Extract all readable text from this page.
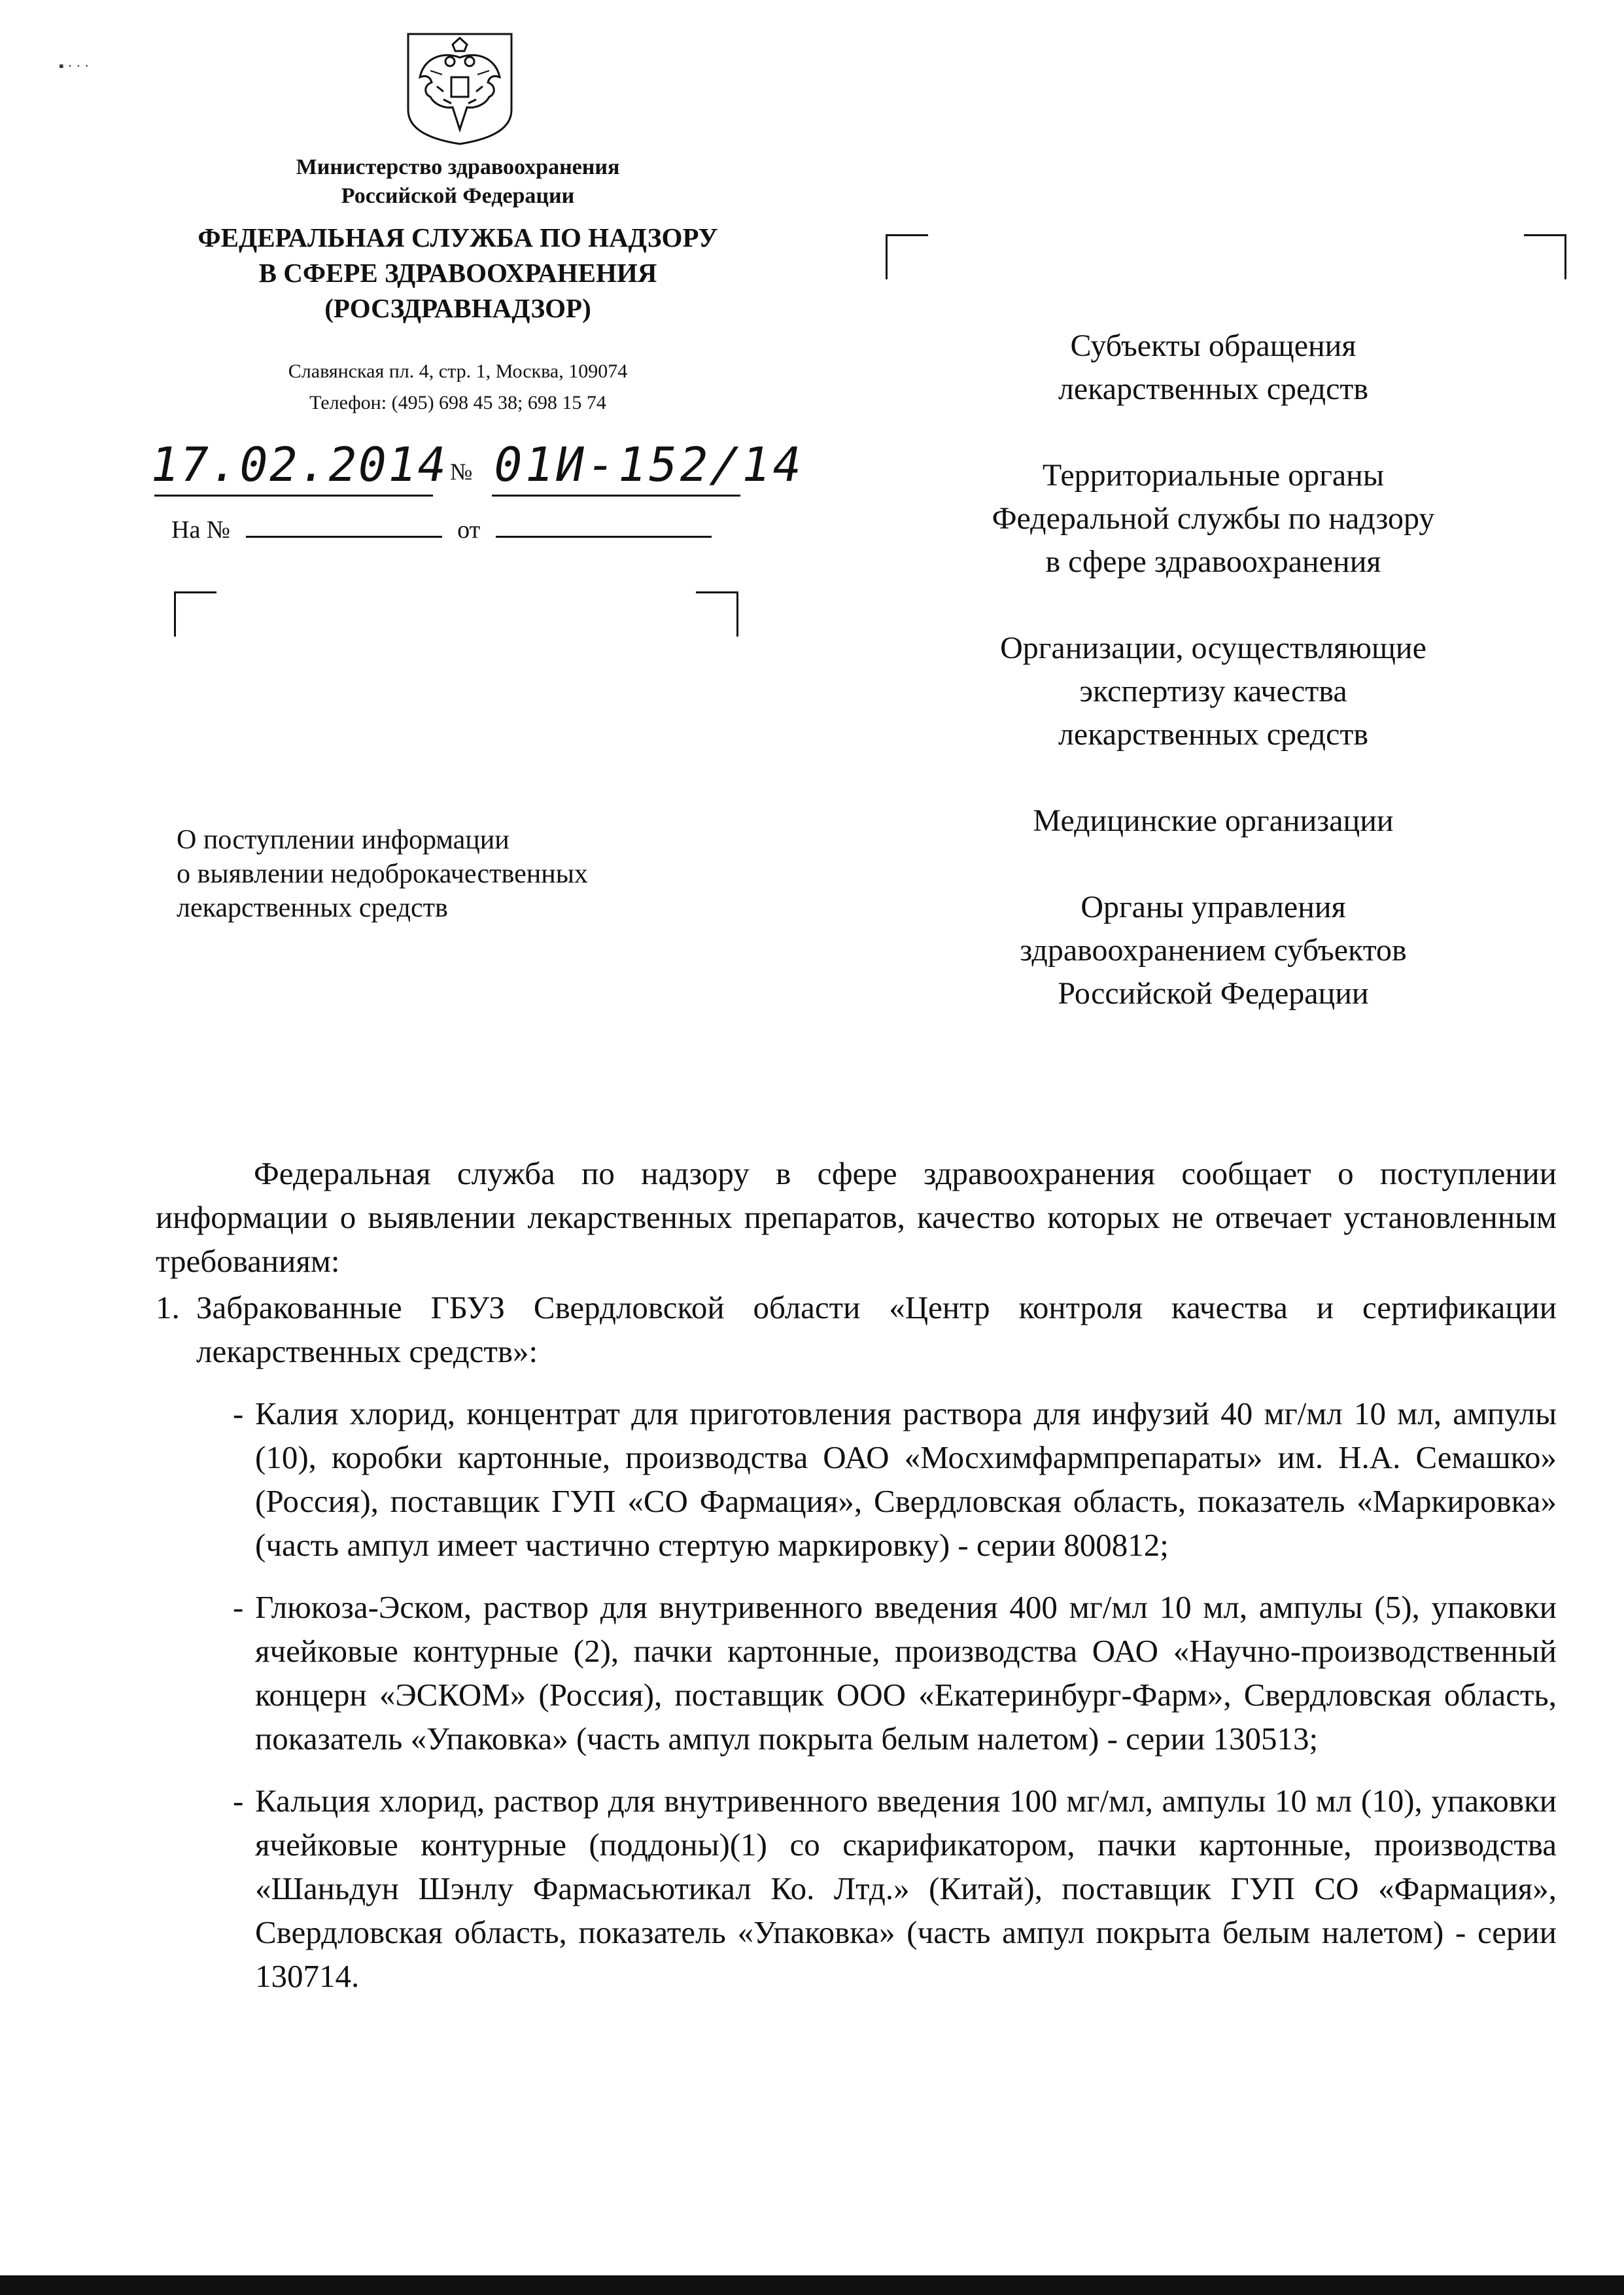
▪ · · ·
Министерство здравоохранения
Российской Федерации
ФЕДЕРАЛЬНАЯ СЛУЖБА ПО НАДЗОРУ
В СФЕРЕ ЗДРАВООХРАНЕНИЯ
(РОСЗДРАВНАДЗОР)
Славянская пл. 4, стр. 1, Москва, 109074
Телефон: (495) 698 45 38; 698 15 74
17.02.2014
№ 01И-152/14
На №	от
О поступлении информации
о выявлении недоброкачественных
лекарственных средств
Субъекты обращения
лекарственных средств
Территориальные органы
Федеральной службы по надзору
в сфере здравоохранения
Организации, осуществляющие
экспертизу качества
лекарственных средств
Медицинские организации
Органы управления
здравоохранением субъектов
Российской Федерации

Федеральная служба по надзору в сфере здравоохранения сообщает о поступлении информации о выявлении лекарственных препаратов, качество которых не отвечает установленным требованиям:

1. Забракованные ГБУЗ Свердловской области «Центр контроля качества и сертификации лекарственных средств»:

- Калия хлорид, концентрат для приготовления раствора для инфузий 40 мг/мл 10 мл, ампулы (10), коробки картонные, производства ОАО «Мосхимфармпрепараты» им. Н.А. Семашко» (Россия), поставщик ГУП «СО Фармация», Свердловская область, показатель «Маркировка» (часть ампул имеет частично стертую маркировку) - серии 800812;

- Глюкоза-Эском, раствор для внутривенного введения 400 мг/мл 10 мл, ампулы (5), упаковки ячейковые контурные (2), пачки картонные, производства ОАО «Научно-производственный концерн «ЭСКОМ» (Россия), поставщик ООО «Екатеринбург-Фарм», Свердловская область, показатель «Упаковка» (часть ампул покрыта белым налетом) - серии 130513;

- Кальция хлорид, раствор для внутривенного введения 100 мг/мл, ампулы 10 мл (10), упаковки ячейковые контурные (поддоны)(1) со скарификатором, пачки картонные, производства «Шаньдун Шэнлу Фармасьютикал Ко. Лтд.» (Китай), поставщик ГУП СО «Фармация», Свердловская область, показатель «Упаковка» (часть ампул покрыта белым налетом) - серии 130714.
